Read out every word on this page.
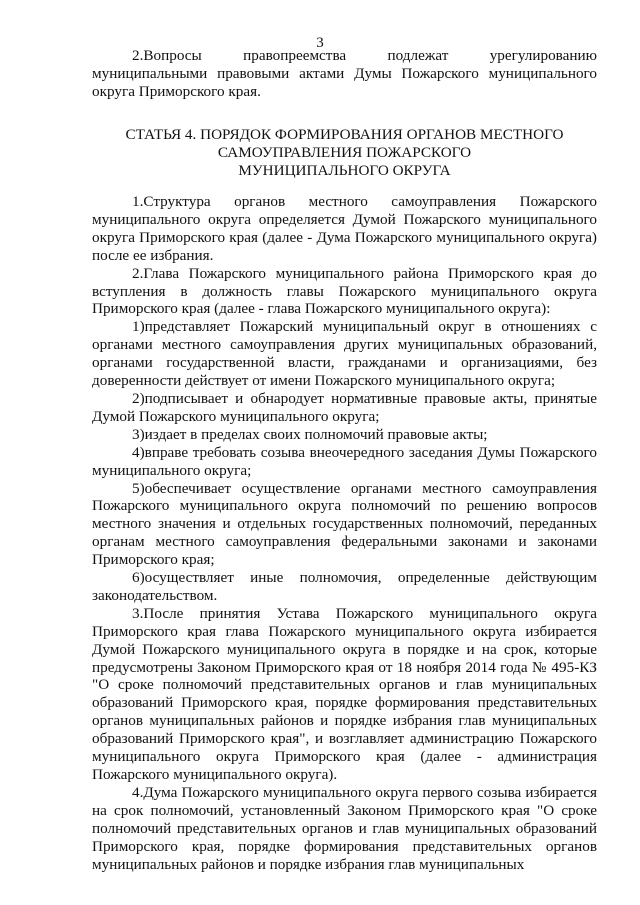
3

2.Вопросы правопреемства подлежат урегулированию муниципальными правовыми актами Думы Пожарского муниципального округа Приморского края.

СТАТЬЯ 4. ПОРЯДОК ФОРМИРОВАНИЯ ОРГАНОВ МЕСТНОГО
САМОУПРАВЛЕНИЯ ПОЖАРСКОГО
МУНИЦИПАЛЬНОГО ОКРУГА

1.Структура органов местного самоуправления Пожарского муниципального округа определяется Думой Пожарского муниципального округа Приморского края (далее - Дума Пожарского муниципального округа) после ее избрания.

2.Глава Пожарского муниципального района Приморского края до вступления в должность главы Пожарского муниципального округа Приморского края (далее - глава Пожарского муниципального округа):

1)представляет Пожарский муниципальный округ в отношениях с органами местного самоуправления других муниципальных образований, органами государственной власти, гражданами и организациями, без доверенности действует от имени Пожарского муниципального округа;

2)подписывает и обнародует нормативные правовые акты, принятые Думой Пожарского муниципального округа;

3)издает в пределах своих полномочий правовые акты;

4)вправе требовать созыва внеочередного заседания Думы Пожарского муниципального округа;

5)обеспечивает осуществление органами местного самоуправления Пожарского муниципального округа полномочий по решению вопросов местного значения и отдельных государственных полномочий, переданных органам местного самоуправления федеральными законами и законами Приморского края;

6)осуществляет иные полномочия, определенные действующим законодательством.

3.После принятия Устава Пожарского муниципального округа Приморского края глава Пожарского муниципального округа избирается Думой Пожарского муниципального округа в порядке и на срок, которые предусмотрены Законом Приморского края от 18 ноября 2014 года № 495-КЗ "О сроке полномочий представительных органов и глав муниципальных образований Приморского края, порядке формирования представительных органов муниципальных районов и порядке избрания глав муниципальных образований Приморского края", и возглавляет администрацию Пожарского муниципального округа Приморского края (далее - администрация Пожарского муниципального округа).

4.Дума Пожарского муниципального округа первого созыва избирается на срок полномочий, установленный Законом Приморского края "О сроке полномочий представительных органов и глав муниципальных образований Приморского края, порядке формирования представительных органов муниципальных районов и порядке избрания глав муниципальных
